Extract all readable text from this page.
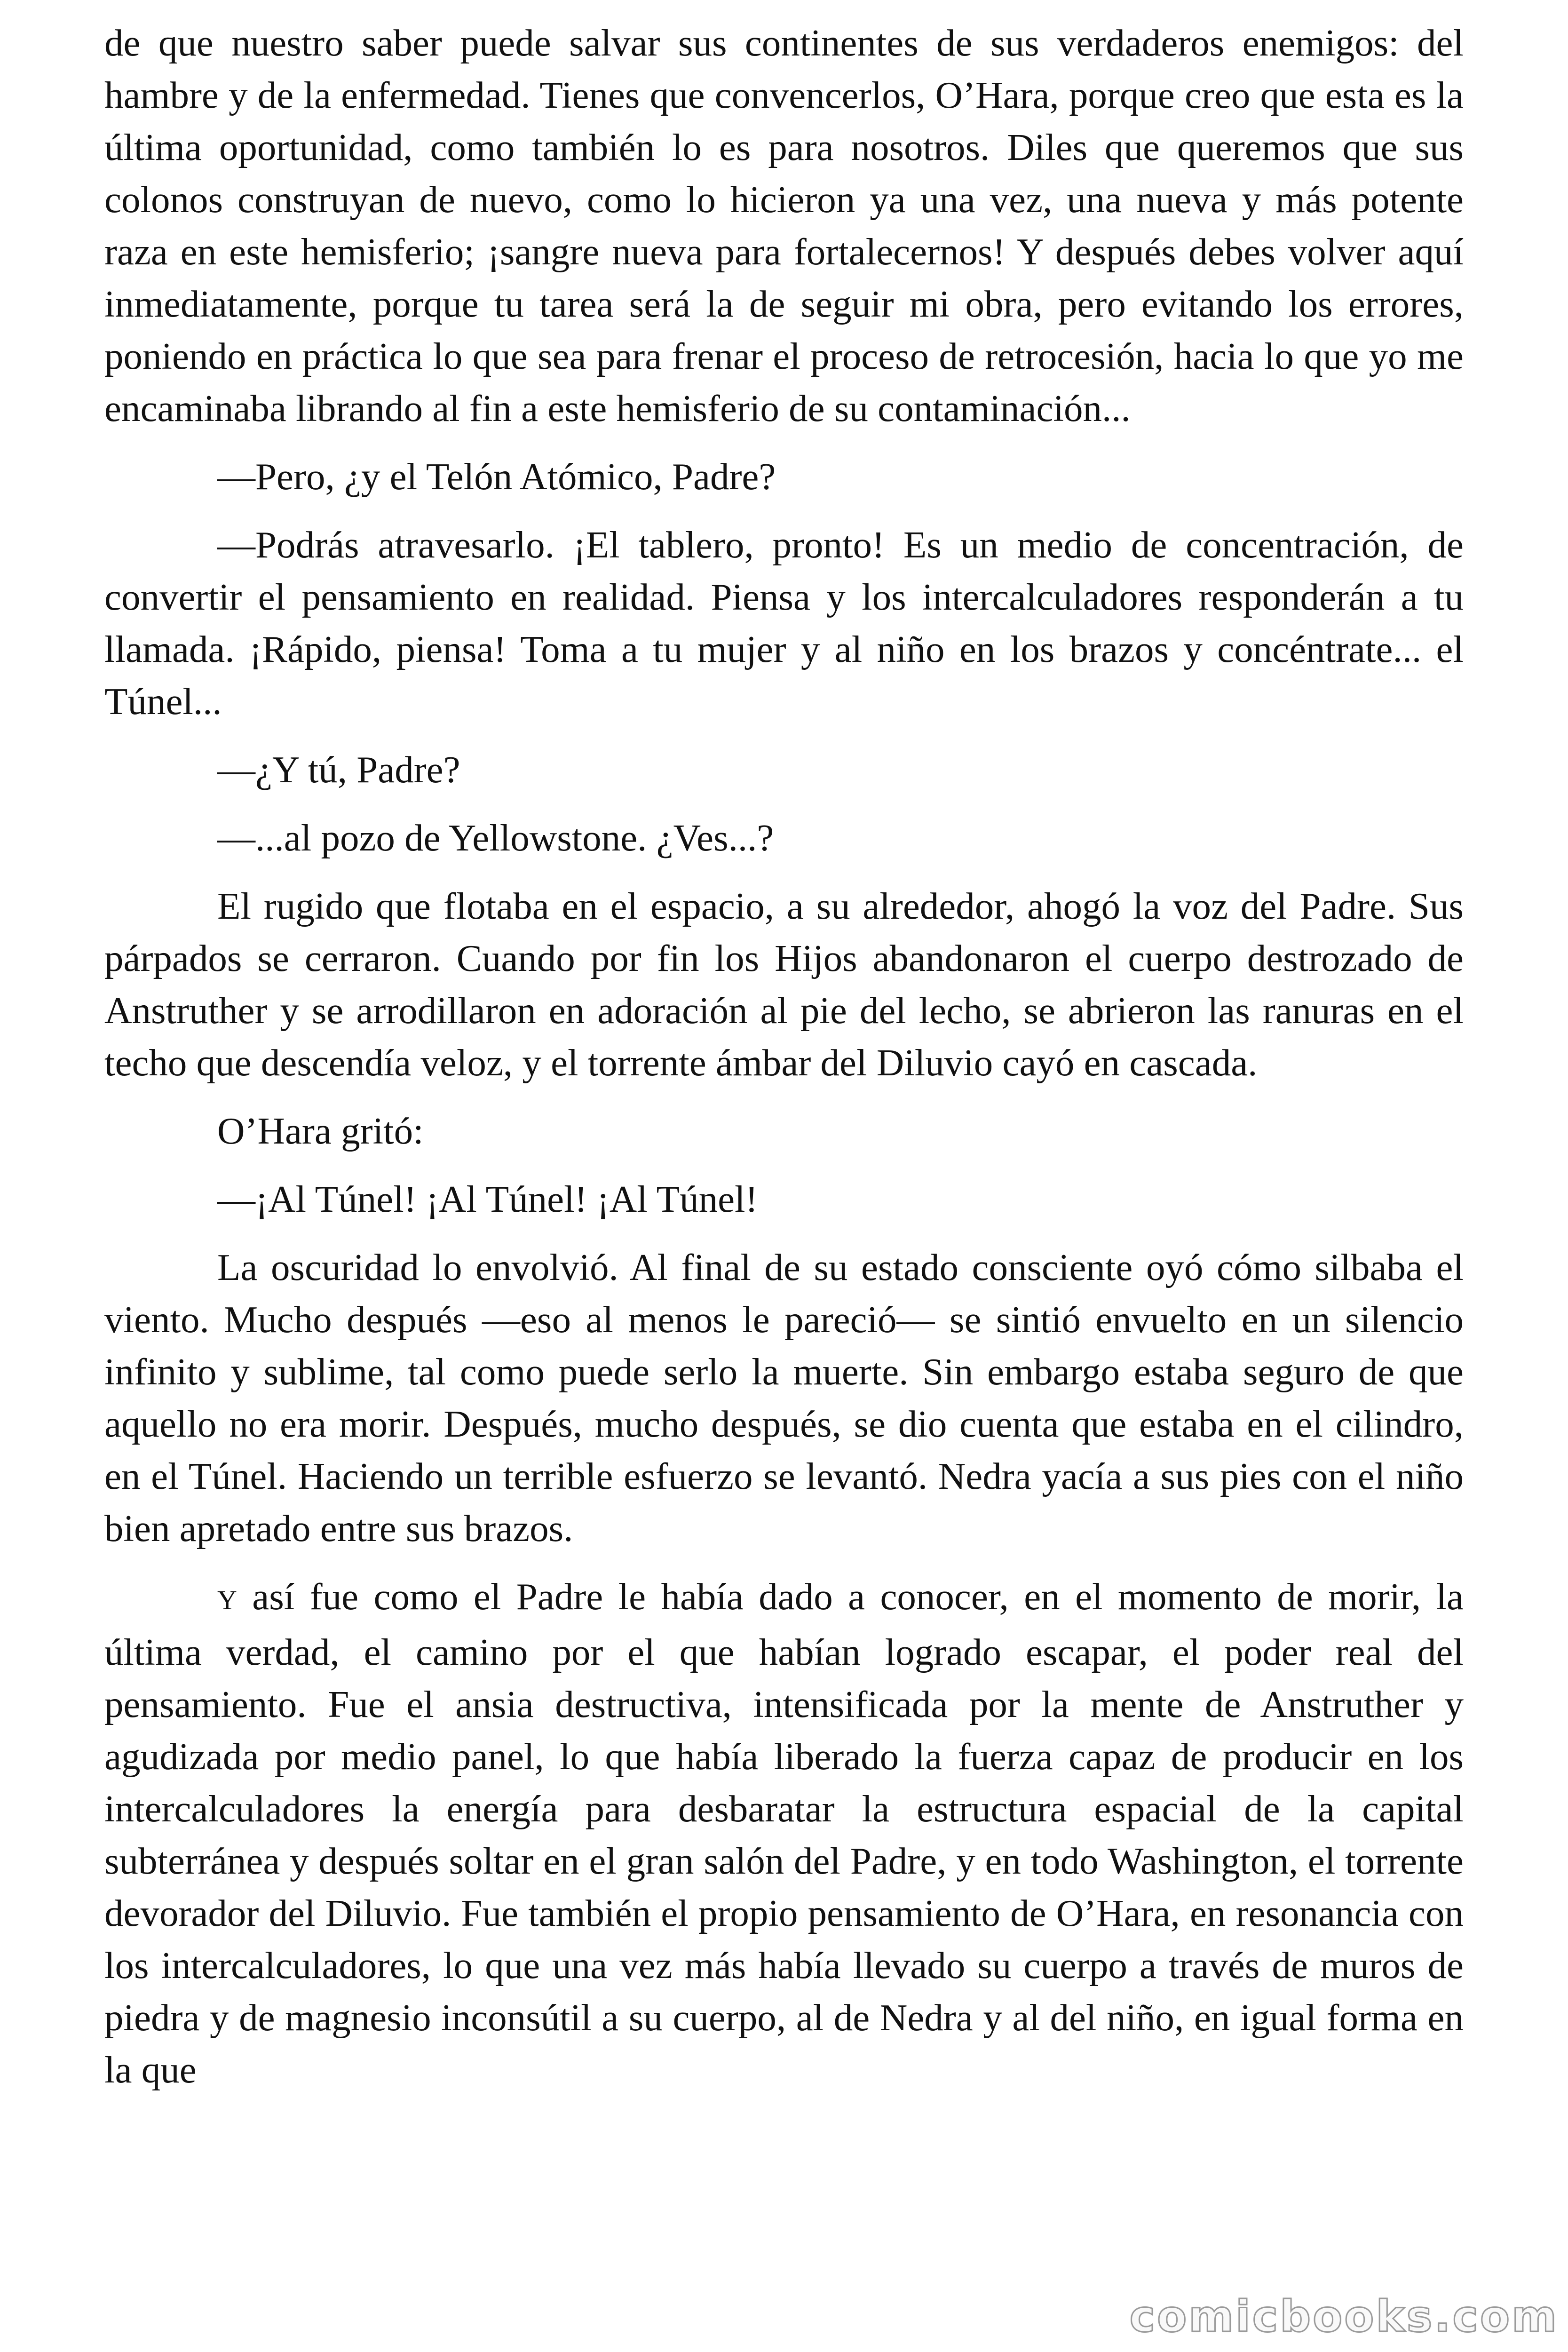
de que nuestro saber puede salvar sus continentes de sus verdaderos enemigos: del hambre y de la enfermedad. Tienes que convencerlos, O’Hara, porque creo que esta es la última oportunidad, como también lo es para nosotros. Diles que queremos que sus colonos construyan de nuevo, como lo hicieron ya una vez, una nueva y más potente raza en este hemisferio; ¡sangre nueva para fortalecernos! Y después debes volver aquí inmediatamente, porque tu tarea será la de seguir mi obra, pero evitando los errores, poniendo en práctica lo que sea para frenar el proceso de retrocesión, hacia lo que yo me encaminaba librando al fin a este hemisferio de su contaminación...

—Pero, ¿y el Telón Atómico, Padre?

—Podrás atravesarlo. ¡El tablero, pronto! Es un medio de concentración, de convertir el pensamiento en realidad. Piensa y los intercalculadores responderán a tu llamada. ¡Rápido, piensa! Toma a tu mujer y al niño en los brazos y concéntrate... el Túnel...

—¿Y tú, Padre?

—...al pozo de Yellowstone. ¿Ves...?

El rugido que flotaba en el espacio, a su alrededor, ahogó la voz del Padre. Sus párpados se cerraron. Cuando por fin los Hijos abandonaron el cuerpo destrozado de Anstruther y se arrodillaron en adoración al pie del lecho, se abrieron las ranuras en el techo que descendía veloz, y el torrente ámbar del Diluvio cayó en cascada.

O’Hara gritó:

—¡Al Túnel! ¡Al Túnel! ¡Al Túnel!

La oscuridad lo envolvió. Al final de su estado consciente oyó cómo silbaba el viento. Mucho después —eso al menos le pareció— se sintió envuelto en un silencio infinito y sublime, tal como puede serlo la muerte. Sin embargo estaba seguro de que aquello no era morir. Después, mucho después, se dio cuenta que estaba en el cilindro, en el Túnel. Haciendo un terrible esfuerzo se levantó. Nedra yacía a sus pies con el niño bien apretado entre sus brazos.

Y así fue como el Padre le había dado a conocer, en el momento de morir, la última verdad, el camino por el que habían logrado escapar, el poder real del pensamiento. Fue el ansia destructiva, intensificada por la mente de Anstruther y agudizada por medio panel, lo que había liberado la fuerza capaz de producir en los intercalculadores la energía para desbaratar la estructura espacial de la capital subterránea y después soltar en el gran salón del Padre, y en todo Washington, el torrente devorador del Diluvio. Fue también el propio pensamiento de O’Hara, en resonancia con los intercalculadores, lo que una vez más había llevado su cuerpo a través de muros de piedra y de magnesio inconsútil a su cuerpo, al de Nedra y al del niño, en igual forma en la que

comicbooks.com
